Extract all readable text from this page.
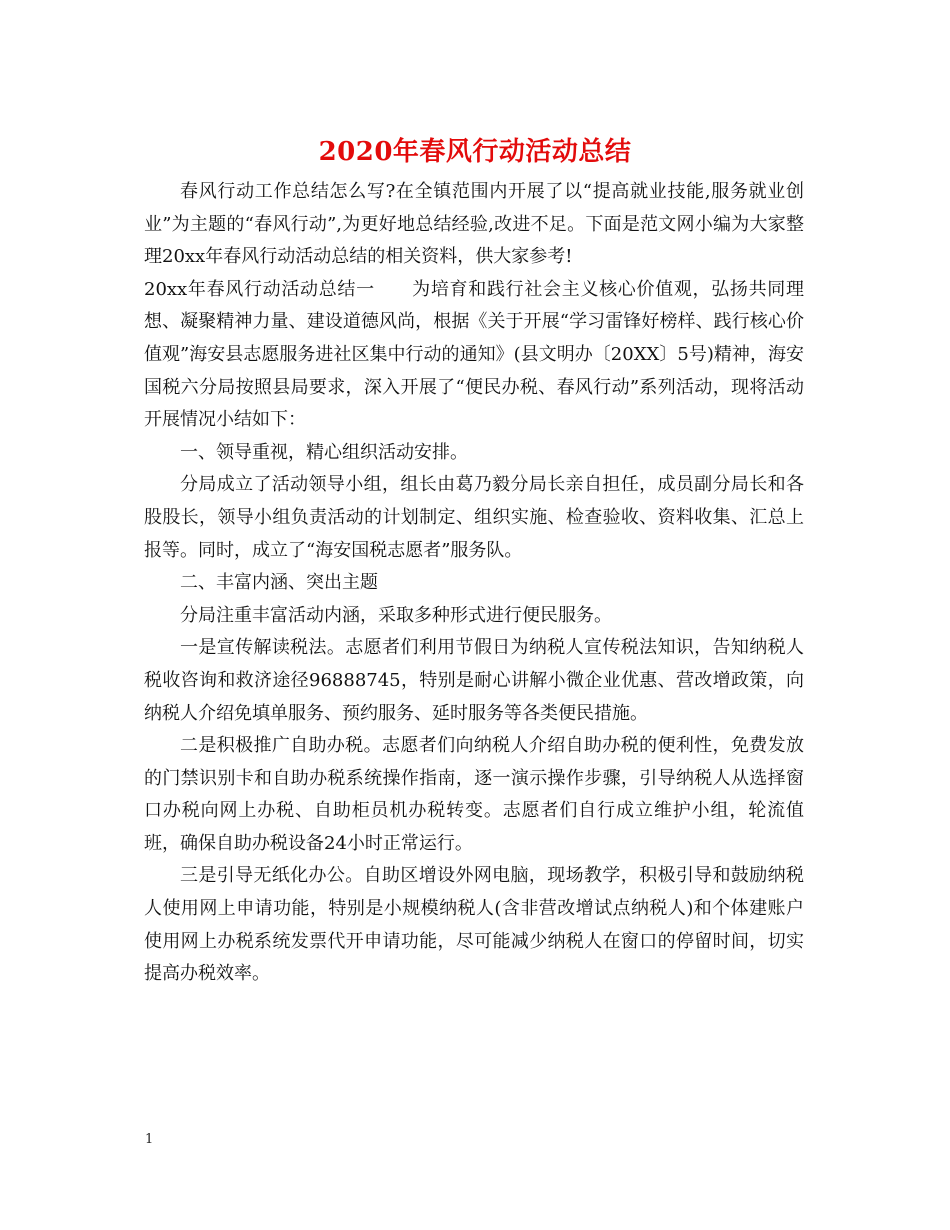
2020年春风行动活动总结

春风行动工作总结怎么写?在全镇范围内开展了以“提高就业技能,服务就业创业”为主题的“春风行动”,为更好地总结经验,改进不足。下面是范文网小编为大家整理20xx年春风行动活动总结的相关资料，供大家参考!

20xx年春风行动活动总结一　　为培育和践行社会主义核心价值观，弘扬共同理想、凝聚精神力量、建设道德风尚，根据《关于开展“学习雷锋好榜样、践行核心价值观”海安县志愿服务进社区集中行动的通知》(县文明办〔20XX〕5号)精神，海安国税六分局按照县局要求，深入开展了“便民办税、春风行动”系列活动，现将活动开展情况小结如下：

一、领导重视，精心组织活动安排。

分局成立了活动领导小组，组长由葛乃毅分局长亲自担任，成员副分局长和各股股长，领导小组负责活动的计划制定、组织实施、检查验收、资料收集、汇总上报等。同时，成立了“海安国税志愿者”服务队。

二、丰富内涵、突出主题

分局注重丰富活动内涵，采取多种形式进行便民服务。

一是宣传解读税法。志愿者们利用节假日为纳税人宣传税法知识，告知纳税人税收咨询和救济途径96888745，特别是耐心讲解小微企业优惠、营改增政策，向纳税人介绍免填单服务、预约服务、延时服务等各类便民措施。

二是积极推广自助办税。志愿者们向纳税人介绍自助办税的便利性，免费发放的门禁识别卡和自助办税系统操作指南，逐一演示操作步骤，引导纳税人从选择窗口办税向网上办税、自助柜员机办税转变。志愿者们自行成立维护小组，轮流值班，确保自助办税设备24小时正常运行。

三是引导无纸化办公。自助区增设外网电脑，现场教学，积极引导和鼓励纳税人使用网上申请功能，特别是小规模纳税人(含非营改增试点纳税人)和个体建账户使用网上办税系统发票代开申请功能，尽可能减少纳税人在窗口的停留时间，切实提高办税效率。

1
